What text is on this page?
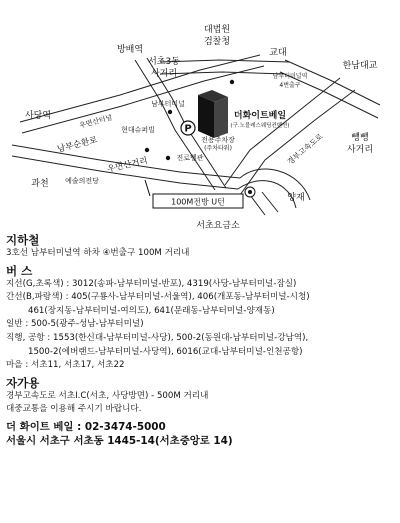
100M전방 U턴
P
대법원
검찰청
방배역
서초3동
사거리
교대
한남대교
사당역
과천
뺑뺑
사거리
양재
서초요금소
남부터미널역
4번출구
남부터미널
현대슈퍼빌
더화이트베일
(구.노블레스웨딩컨벤션)
전용주차장
(주차타워)
진로벨관
예술의전당
남부순환로
우면산터널
우면산거리	경부고속도로

지하철

3호선 남부터미널역 하차 ④번출구 100M 거리내

버 스

지선(G,초록색) : 3012(송파-남부터미널-반포), 4319(사당-남부터미널-잠실)

간선(B,파랑색) : 405(구룡사-남부터미널-서울역), 406(개포동-남부터미널-시청)

461(장지동-남부터미널-여의도), 641(문래동-남부터미널-양재동)

일반 : 500-5(광주-성남-남부터미널)

직행, 공항 : 1553(한신대-남부터미널-사당), 500-2(동원대-남부터미널-강남역),

1500-2(에버랜드-남부터미널-사당역), 6016(교대-남부터미널-인천공항)

마을 : 서초11, 서초17, 서초22

자가용

경부고속도로 서초I.C(서초, 사당방면) - 500M 거리내

대중교통을 이용해 주시기 바랍니다.

더 화이트 베일 : 02-3474-5000

서울시 서초구 서초동 1445-14(서초중앙로 14)
